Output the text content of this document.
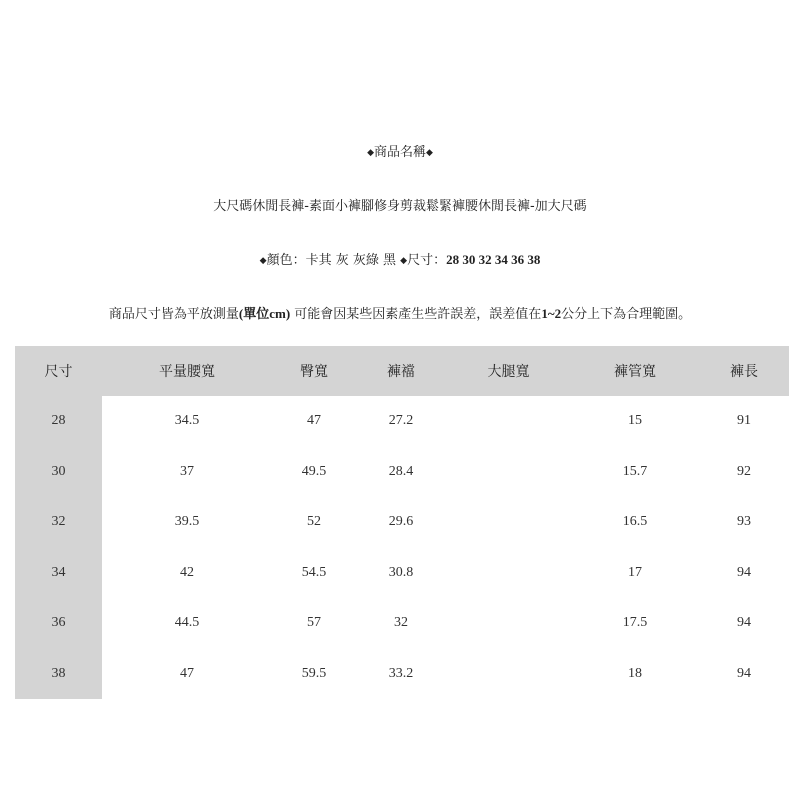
◆商品名稱◆
大尺碼休閒長褲-素面小褲腳修身剪裁鬆緊褲腰休閒長褲-加大尺碼
◆顏色：卡其 灰 灰綠 黑 ◆尺寸：28 30 32 34 36 38
商品尺寸皆為平放測量(單位cm) 可能會因某些因素產生些許誤差，誤差值在1~2公分上下為合理範圍。
尺寸	平量腰寬	臀寬	褲襠	大腿寬	褲管寬	褲長
28	34.5	47	27.2		15	91
30	37	49.5	28.4		15.7	92
32	39.5	52	29.6		16.5	93
34	42	54.5	30.8		17	94
36	44.5	57	32		17.5	94
38	47	59.5	33.2		18	94
